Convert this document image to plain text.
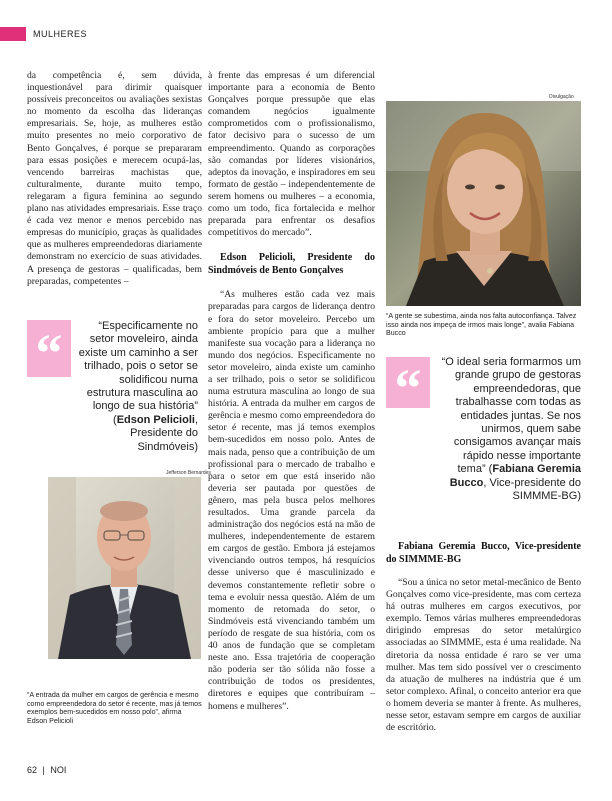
MULHERES

da competência é, sem dúvida, inquestionável para dirimir quaisquer possíveis preconceitos ou avaliações sexistas no momento da escolha das lideranças empresariais. Se, hoje, as mulheres estão muito presentes no meio corporativo de Bento Gonçalves, é porque se prepararam para essas posições e merecem ocupá-las, vencendo barreiras machistas que, culturalmente, durante muito tempo, relegaram a figura feminina ao segundo plano nas atividades empresariais. Esse traço é cada vez menor e menos percebido nas empresas do município, graças às qualidades que as mulheres empreendedoras diariamente demonstram no exercício de suas atividades. A presença de gestoras – qualificadas, bem preparadas, competentes –

“	“Especificamente no setor moveleiro, ainda existe um caminho a ser trilhado, pois o setor se solidificou numa estrutura masculina ao longo de sua história” (Edson Pelicioli, Presidente do Sindmóveis)
Jefferson Bernardes
“A entrada da mulher em cargos de gerência e mesmo como empreendedora do setor é recente, mas já temos exemplos bem-sucedidos em nosso polo”, afirma Edson Pelicioli

à frente das empresas é um diferencial importante para a economia de Bento Gonçalves porque pressupõe que elas comandem negócios igualmente comprometidos com o profissionalismo, fator decisivo para o sucesso de um empreendimento. Quando as corporações são comandas por líderes visionários, adeptos da inovação, e inspiradores em seu formato de gestão – independentemente de serem homens ou mulheres – a economia, como um todo, fica fortalecida e melhor preparada para enfrentar os desafios competitivos do mercado”.

Edson Pelicioli, Presidente do Sindmóveis de Bento Gonçalves

“As mulheres estão cada vez mais preparadas para cargos de liderança dentro e fora do setor moveleiro. Percebo um ambiente propício para que a mulher manifeste sua vocação para a liderança no mundo dos negócios. Especificamente no setor moveleiro, ainda existe um caminho a ser trilhado, pois o setor se solidificou numa estrutura masculina ao longo de sua história. A entrada da mulher em cargos de gerência e mesmo como empreendedora do setor é recente, mas já temos exemplos bem-sucedidos em nosso polo. Antes de mais nada, penso que a contribuição de um profissional para o mercado de trabalho e para o setor em que está inserido não deveria ser pautada por questões de gênero, mas pela busca pelos melhores resultados. Uma grande parcela da administração dos negócios está na mão de mulheres, independentemente de estarem em cargos de gestão. Embora já estejamos vivenciando outros tempos, há resquícios desse universo que é masculinizado e devemos constantemente refletir sobre o tema e evoluir nessa questão. Além de um momento de retomada do setor, o Sindmóveis está vivenciando também um período de resgate de sua história, com os 40 anos de fundação que se completam neste ano. Essa trajetória de cooperação não poderia ser tão sólida não fosse a contribuição de todos os presidentes, diretores e equipes que contribuíram – homens e mulheres”.

Divulgação
“A gente se subestima, ainda nos falta autoconfiança. Talvez isso ainda nos impeça de irmos mais longe”, avalia Fabiana Bucco
“	“O ideal seria formarmos um grande grupo de gestoras empreendedoras, que trabalhasse com todas as entidades juntas. Se nos unirmos, quem sabe consigamos avançar mais rápido nesse importante tema” (Fabiana Geremia Bucco, Vice-presidente do SIMMME-BG)
Fabiana Geremia Bucco, Vice-presidente do SIMMME-BG

“Sou a única no setor metal-mecânico de Bento Gonçalves como vice-presidente, mas com certeza há outras mulheres em cargos executivos, por exemplo. Temos várias mulheres empreendedoras dirigindo empresas do setor metalúrgico associadas ao SIMMME, esta é uma realidade. Na diretoria da nossa entidade é raro se ver uma mulher. Mas tem sido possível ver o crescimento da atuação de mulheres na indústria que é um setor complexo. Afinal, o conceito anterior era que o homem deveria se manter à frente. As mulheres, nesse setor, estavam sempre em cargos de auxiliar de escritório.

62 | NOI
